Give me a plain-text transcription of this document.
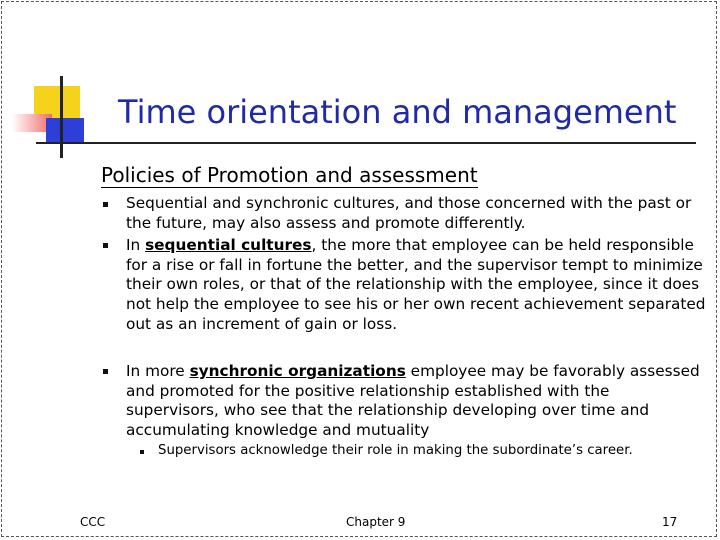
Time orientation and management
Policies of Promotion and assessment
Sequential and synchronic cultures, and those concerned with the past or the future, may also assess and promote differently.
In sequential cultures, the more that employee can be held responsible for a rise or fall in fortune the better, and the supervisor tempt to minimize their own roles, or that of the relationship with the employee, since it does not help the employee to see his or her own recent achievement separated out as an increment of gain or loss.
In more synchronic organizations employee may be favorably assessed and promoted for the positive relationship established with the supervisors, who see that the relationship developing over time and accumulating knowledge and mutuality
Supervisors acknowledge their role in making the subordinate’s career.
CCC	Chapter 9	17
